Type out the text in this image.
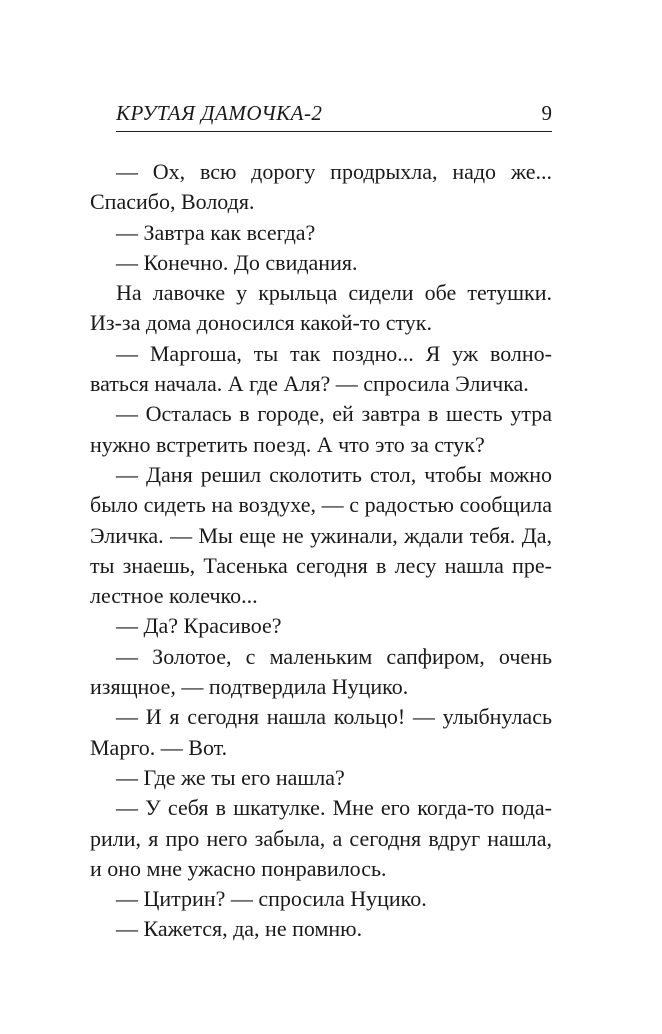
КРУТАЯ ДАМОЧКА-2	9
— Ох, всю дорогу продрыхла, надо же...
Спасибо, Володя.
— Завтра как всегда?
— Конечно. До свидания.
На лавочке у крыльца сидели обе тетушки.
Из-за дома доносился какой-то стук.
— Маргоша, ты так поздно... Я уж волно-
ваться начала. А где Аля? — спросила Эличка.
— Осталась в городе, ей завтра в шесть утра
нужно встретить поезд. А что это за стук?
— Даня решил сколотить стол, чтобы можно
было сидеть на воздухе, — с радостью сообщила
Эличка. — Мы еще не ужинали, ждали тебя. Да,
ты знаешь, Тасенька сегодня в лесу нашла пре-
лестное колечко...
— Да? Красивое?
— Золотое, с маленьким сапфиром, очень
изящное, — подтвердила Нуцико.
— И я сегодня нашла кольцо! — улыбнулась
Марго. — Вот.
— Где же ты его нашла?
— У себя в шкатулке. Мне его когда-то пода-
рили, я про него забыла, а сегодня вдруг нашла,
и оно мне ужасно понравилось.
— Цитрин? — спросила Нуцико.
— Кажется, да, не помню.
